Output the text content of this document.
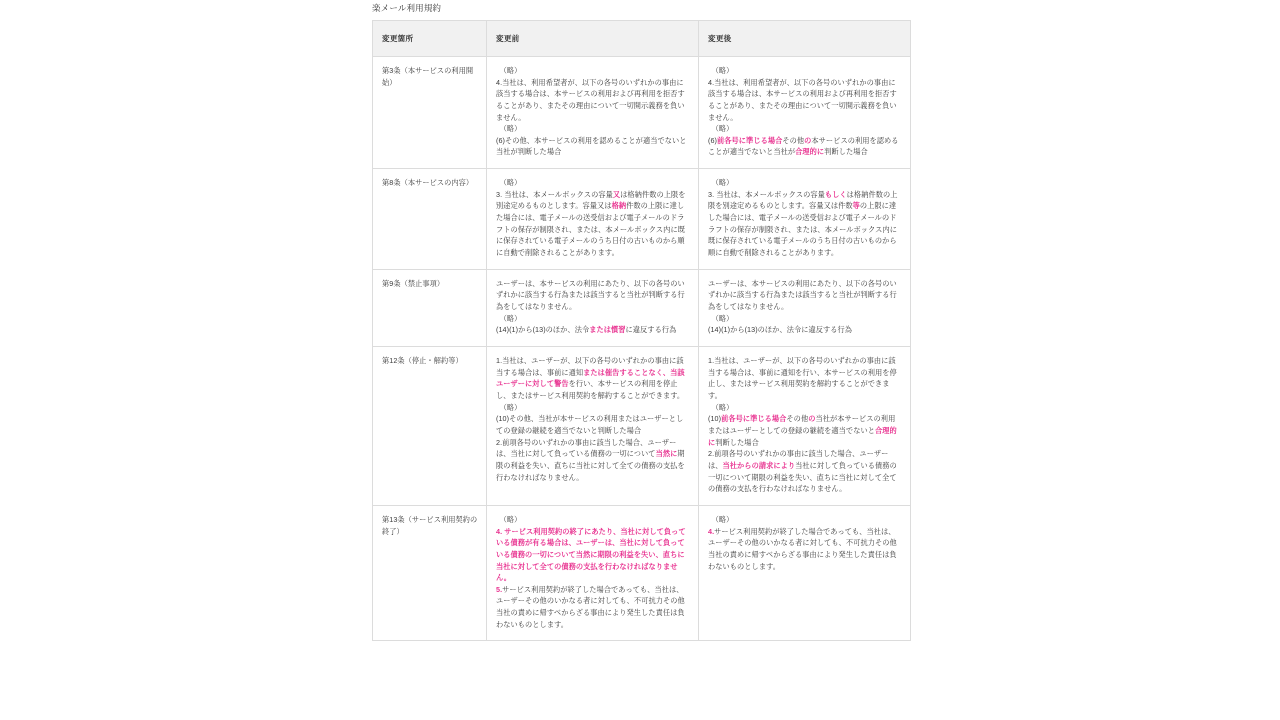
楽メール利用規約
変更箇所	変更前	変更後
第3条（本サービスの利用開始）	　（略）
4.当社は、利用希望者が、以下の各号のいずれかの事由に該当する場合は、本サービスの利用および再利用を拒否することがあり、またその理由について一切開示義務を負いません。
　（略）
(6)その他、本サービスの利用を認めることが適当でないと当社が判断した場合	　（略）
4.当社は、利用希望者が、以下の各号のいずれかの事由に該当する場合は、本サービスの利用および再利用を拒否することがあり、またその理由について一切開示義務を負いません。
　（略）
(6)前各号に準じる場合その他の本サービスの利用を認めることが適当でないと当社が合理的に判断した場合
第8条（本サービスの内容）	　（略）
3. 当社は、本メールボックスの容量又は格納件数の上限を別途定めるものとします。容量又は格納件数の上限に達した場合には、電子メールの送受信および電子メールのドラフトの保存が制限され、または、本メールボックス内に既に保存されている電子メールのうち日付の古いものから順に自動で削除されることがあります。	　（略）
3. 当社は、本メールボックスの容量もしくは格納件数の上限を別途定めるものとします。容量又は件数等の上限に達した場合には、電子メールの送受信および電子メールのドラフトの保存が制限され、または、本メールボックス内に既に保存されている電子メールのうち日付の古いものから順に自動で削除されることがあります。
第9条（禁止事項）	ユーザーは、本サービスの利用にあたり、以下の各号のいずれかに該当する行為または該当すると当社が判断する行為をしてはなりません。
　（略）
(14)(1)から(13)のほか、法令または慣習に違反する行為	ユーザーは、本サービスの利用にあたり、以下の各号のいずれかに該当する行為または該当すると当社が判断する行為をしてはなりません。
　（略）
(14)(1)から(13)のほか、法令に違反する行為
第12条（停止・解約等）	1.当社は、ユーザーが、以下の各号のいずれかの事由に該当する場合は、事前に通知または催告することなく、当該ユーザーに対して警告を行い、本サービスの利用を停止し、またはサービス利用契約を解約することができます。
　（略）
(10)その他、当社が本サービスの利用またはユーザーとしての登録の継続を適当でないと判断した場合
2.前項各号のいずれかの事由に該当した場合、ユーザーは、当社に対して負っている債務の一切について当然に期限の利益を失い、直ちに当社に対して全ての債務の支払を行わなければなりません。	1.当社は、ユーザーが、以下の各号のいずれかの事由に該当する場合は、事前に通知を行い、本サービスの利用を停止し、またはサービス利用契約を解約することができます。
　（略）
(10)前各号に準じる場合その他の当社が本サービスの利用またはユーザーとしての登録の継続を適当でないと合理的に判断した場合
2.前項各号のいずれかの事由に該当した場合、ユーザーは、当社からの請求により当社に対して負っている債務の一切について期限の利益を失い、直ちに当社に対して全ての債務の支払を行わなければなりません。
第13条（サービス利用契約の終了）	　（略）
4. サービス利用契約の終了にあたり、当社に対して負っている債務が有る場合は、ユーザーは、当社に対して負っている債務の一切について当然に期限の利益を失い、直ちに当社に対して全ての債務の支払を行わなければなりません。
5.サービス利用契約が終了した場合であっても、当社は、ユーザーその他のいかなる者に対しても、不可抗力その他当社の責めに帰すべからざる事由により発生した責任は負わないものとします。	　（略）
4.サービス利用契約が終了した場合であっても、当社は、ユーザーその他のいかなる者に対しても、不可抗力その他当社の責めに帰すべからざる事由により発生した責任は負わないものとします。
